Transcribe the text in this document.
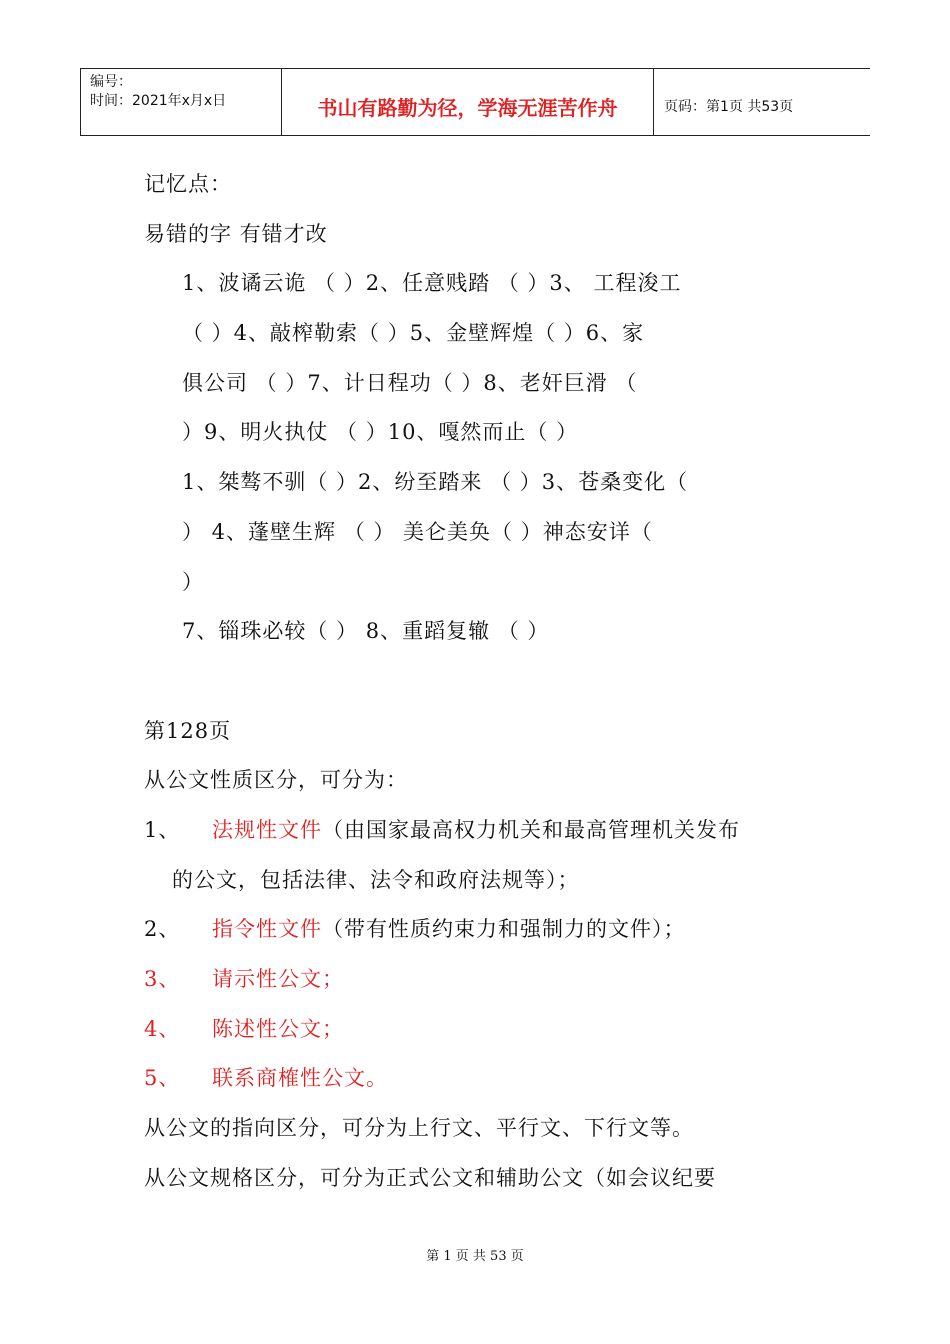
编号：
时间：2021年x月x日	书山有路勤为径，学海无涯苦作舟	页码：第1页 共53页
记忆点：
易错的字 有错才改
1、波谲云诡 （ ）2、任意贱踏 （ ）3、 工程浚工
（ ）4、敲榨勒索（ ）5、金壁辉煌（ ）6、家
俱公司 （ ）7、计日程功（ ）8、老奸巨滑 （
）9、明火执仗 （ ）10、嘎然而止（ ）
1、桀骜不驯（ ）2、纷至踏来 （ ）3、苍桑变化（
） 4、蓬壁生辉 （ ） 美仑美奂（ ）神态安详（
）
7、锱珠必较（ ） 8、重蹈复辙 （ ）
第128页
从公文性质区分，可分为：
1、 法规性文件（由国家最高权力机关和最高管理机关发布
的公文，包括法律、法令和政府法规等）；
2、 指令性文件（带有性质约束力和强制力的文件）；
3、 请示性公文；
4、 陈述性公文；
5、 联系商榷性公文。
从公文的指向区分，可分为上行文、平行文、下行文等。
从公文规格区分，可分为正式公文和辅助公文（如会议纪要
第 1 页 共 53 页
